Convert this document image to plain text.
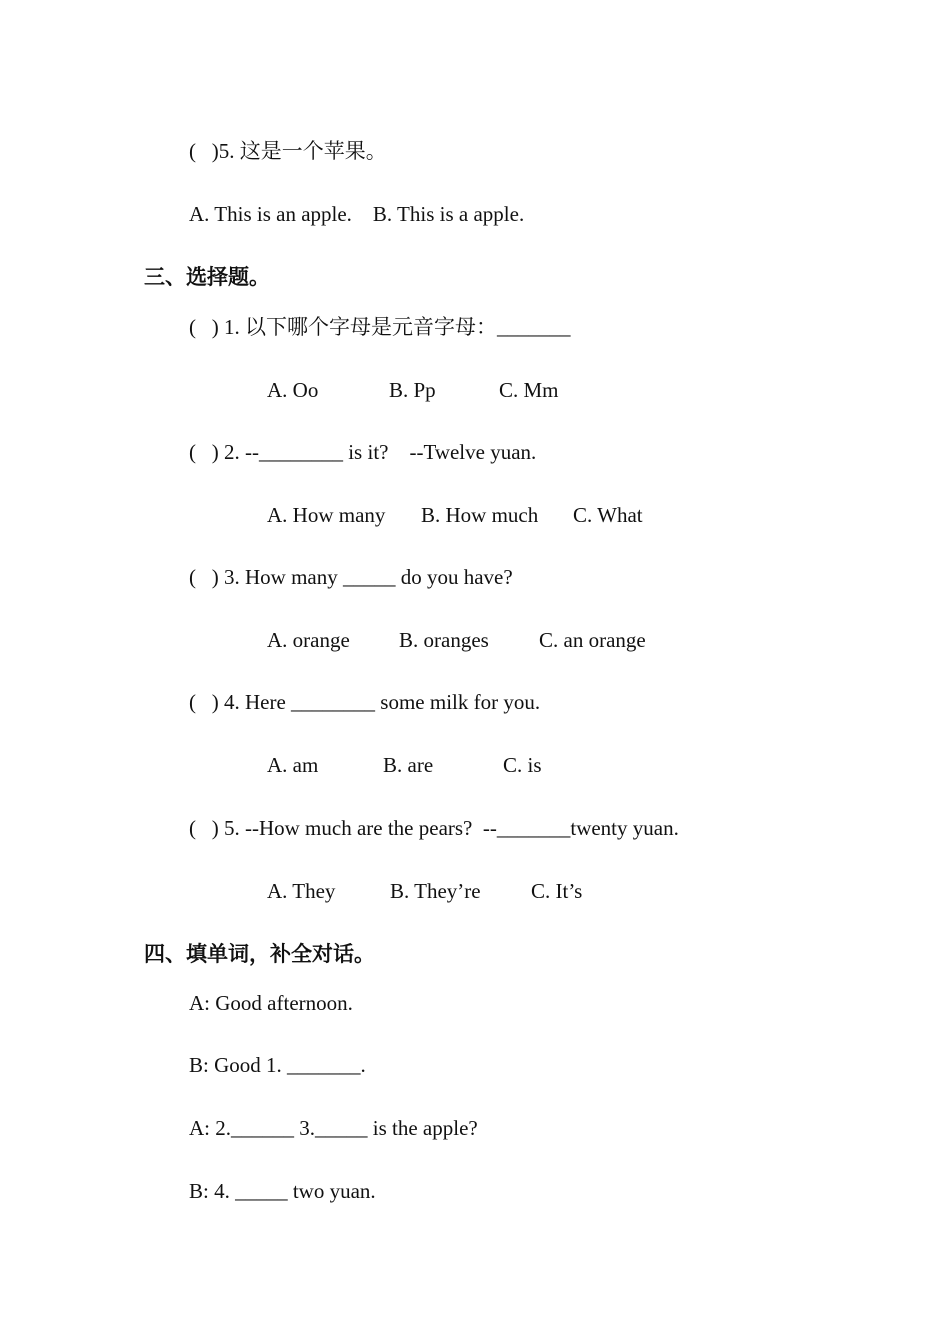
(   )5. 这是一个苹果。
A. This is an apple.    B. This is a apple.
三、选择题。
(   ) 1. 以下哪个字母是元音字母：_______
A. Oo	B. Pp	C. Mm
(   ) 2. --________ is it?    --Twelve yuan.
A. How many B. How much C. What
(   ) 3. How many _____ do you have?
A. orange B. oranges C. an orange
(   ) 4. Here ________ some milk for you.
A. am	B. are	C. is
(   ) 5. --How much are the pears?  --_______twenty yuan.
A. They	B. They’re C. It’s
四、填单词，补全对话。
A: Good afternoon.
B: Good 1. _______.
A: 2.______ 3._____ is the apple?
B: 4. _____ two yuan.
